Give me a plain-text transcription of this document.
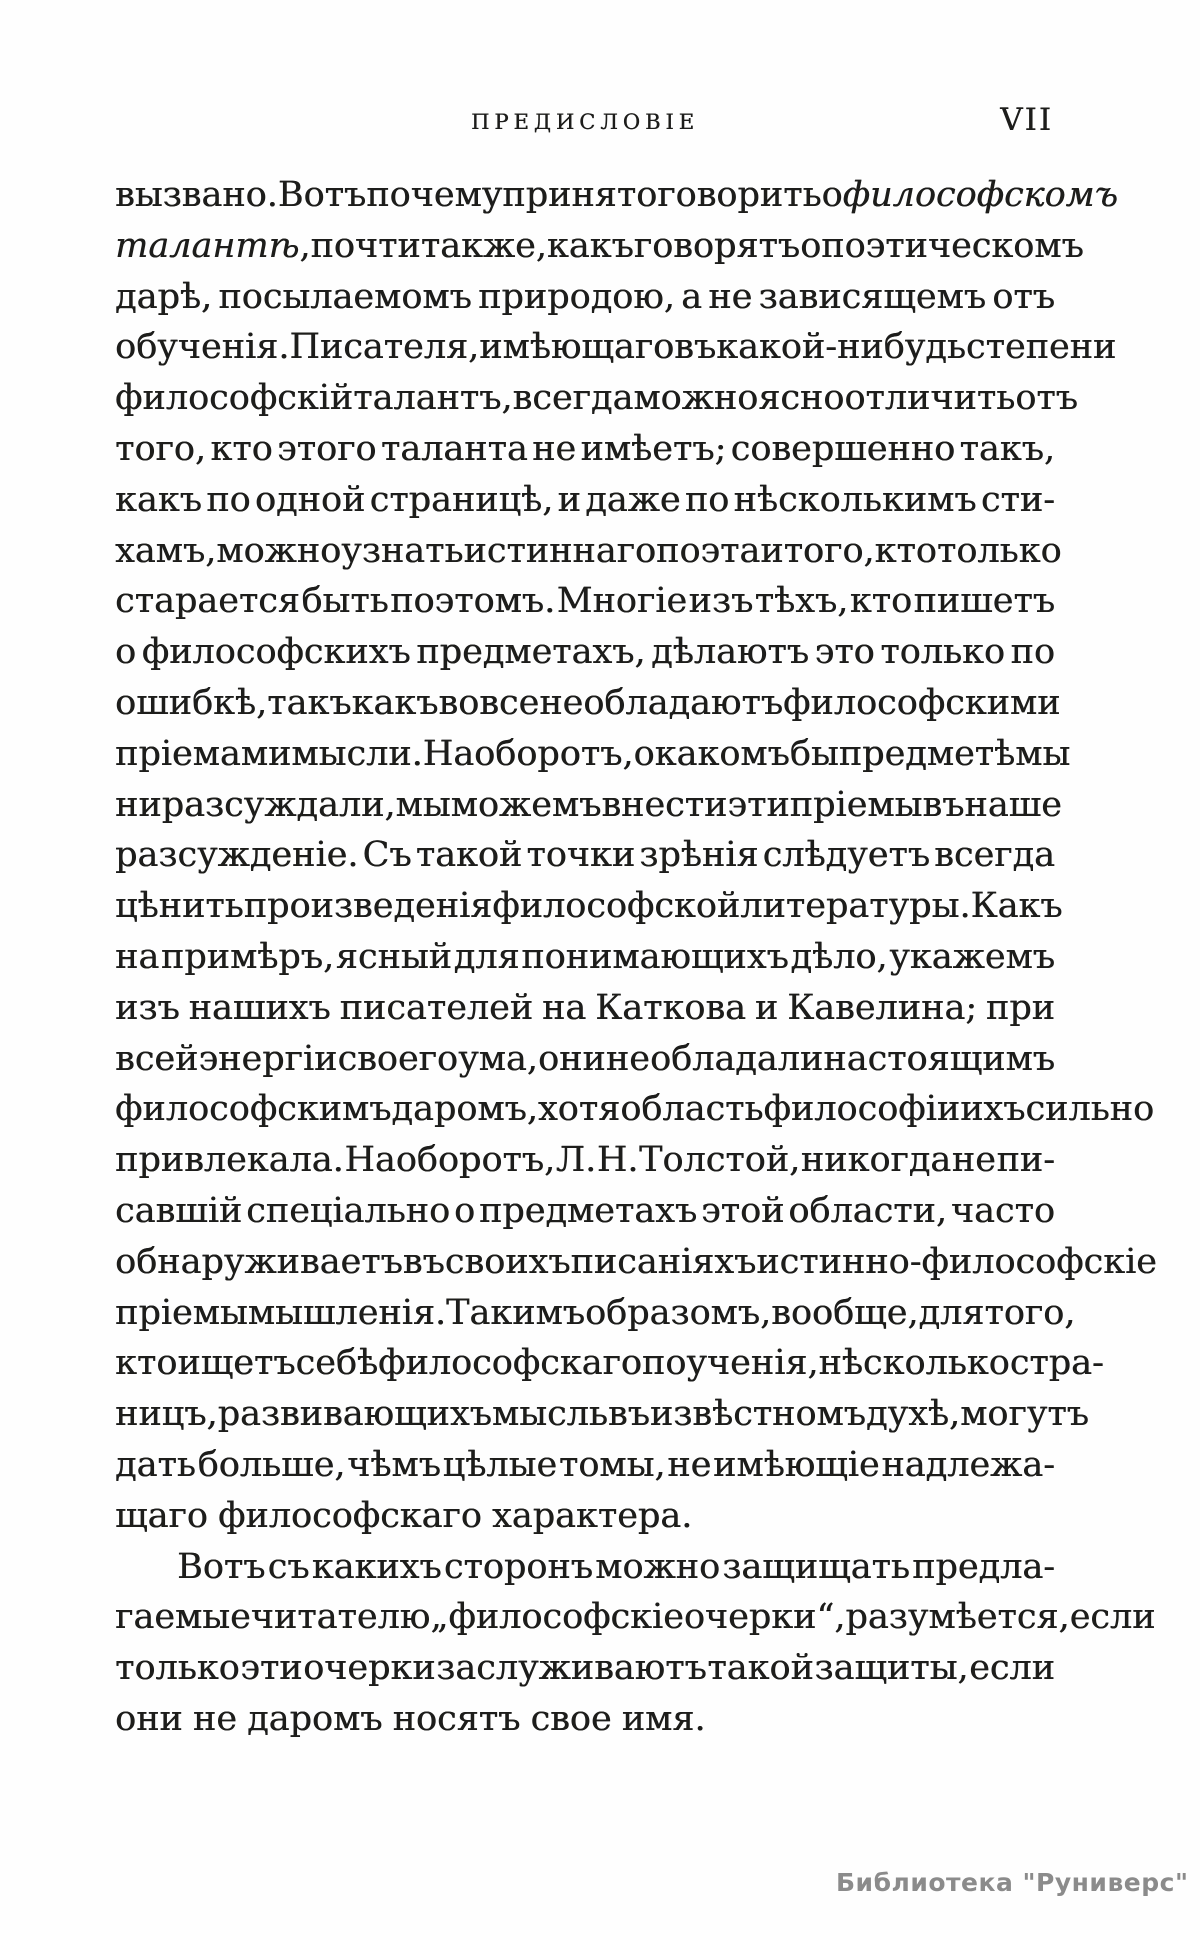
ПРЕДИСЛОВІЕ	VII
вызвано. Вотъ почему принято говорить о философскомъ
талантѣ, почти также, какъ говорятъ о поэтическомъ
дарѣ, посылаемомъ природою, а не зависящемъ отъ
обученія. Писателя, имѣющаго въ какой-нибудь степени
философскій талантъ, всегда можно ясно отличить отъ
того, кто этого таланта не имѣетъ; совершенно такъ,
какъ по одной страницѣ, и даже по нѣсколькимъ сти-
хамъ, можно узнать истиннаго поэта и того, кто только
старается быть поэтомъ. Многіе изъ тѣхъ, кто пишетъ
о философскихъ предметахъ, дѣлаютъ это только по
ошибкѣ, такъ какъ вовсе не обладаютъ философскими
пріемами мысли. Наоборотъ, о какомъ бы предметѣ мы
ни разсуждали, мы можемъ внести эти пріемы въ наше
разсужденіе. Съ такой точки зрѣнія слѣдуетъ всегда
цѣнить произведенія философской литературы. Какъ
на примѣръ, ясный для понимающихъ дѣло, укажемъ
изъ нашихъ писателей на Каткова и Кавелина; при
всей энергіи своего ума, они не обладали настоящимъ
философскимъ даромъ, хотя область философіи ихъ сильно
привлекала. Наоборотъ, Л. Н. Толстой, никогда не пи-
савшій спеціально о предметахъ этой области, часто
обнаруживаетъ въ своихъ писаніяхъ истинно-философскіе
пріемы мышленія. Такимъ образомъ, вообще, для того,
кто ищетъ себѣ философскаго поученія, нѣсколько стра-
ницъ, развивающихъ мысль въ извѣстномъ духѣ, могутъ
дать больше, чѣмъ цѣлые томы, не имѣющіе надлежа-
щаго философскаго характера.
Вотъ съ какихъ сторонъ можно защищать предла-
гаемые читателю „философскіе очерки“, разумѣется, если
только эти очерки заслуживаютъ такой защиты, если
они не даромъ носятъ свое имя.
Библиотека "Руниверс"
